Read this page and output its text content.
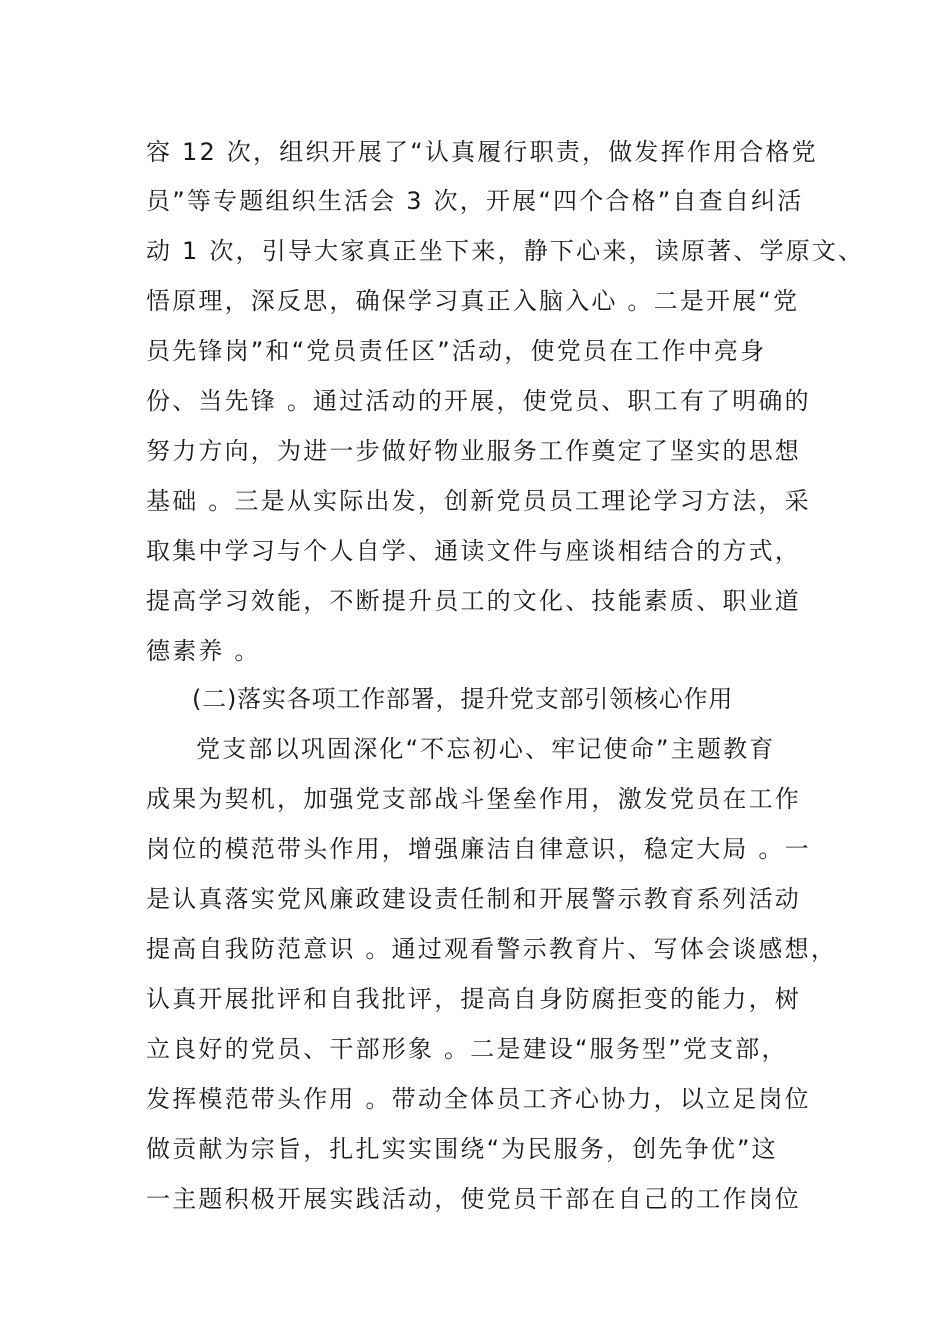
容 12 次，组织开展了“认真履行职责，做发挥作用合格党
员”等专题组织生活会 3 次，开展“四个合格”自查自纠活
动 1 次，引导大家真正坐下来，静下心来，读原著、学原文、
悟原理，深反思，确保学习真正入脑入心 。二是开展“党
员先锋岗”和“党员责任区”活动，使党员在工作中亮身
份、当先锋 。通过活动的开展，使党员、职工有了明确的
努力方向，为进一步做好物业服务工作奠定了坚实的思想
基础 。三是从实际出发，创新党员员工理论学习方法，采
取集中学习与个人自学、通读文件与座谈相结合的方式，
提高学习效能，不断提升员工的文化、技能素质、职业道
德素养 。
(二)落实各项工作部署，提升党支部引领核心作用
党支部以巩固深化“不忘初心、牢记使命”主题教育
成果为契机，加强党支部战斗堡垒作用，激发党员在工作
岗位的模范带头作用，增强廉洁自律意识，稳定大局 。一
是认真落实党风廉政建设责任制和开展警示教育系列活动
提高自我防范意识 。通过观看警示教育片、写体会谈感想，
认真开展批评和自我批评，提高自身防腐拒变的能力，树
立良好的党员、干部形象 。二是建设“服务型”党支部，
发挥模范带头作用 。带动全体员工齐心协力，以立足岗位
做贡献为宗旨，扎扎实实围绕“为民服务，创先争优”这
一主题积极开展实践活动，使党员干部在自己的工作岗位
